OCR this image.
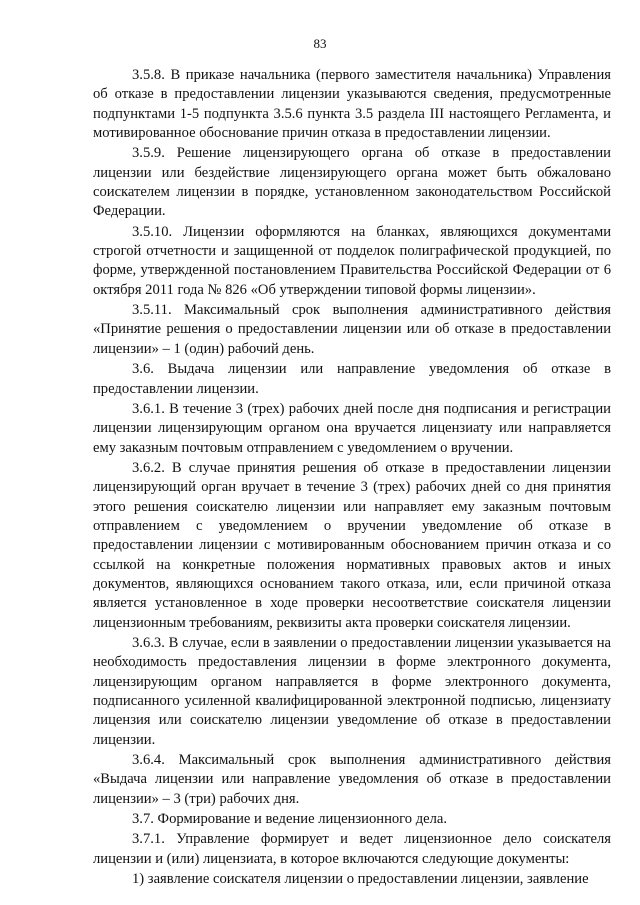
83

3.5.8. В приказе начальника (первого заместителя начальника) Управления об отказе в предоставлении лицензии указываются сведения, предусмотренные подпунктами 1-5 подпункта 3.5.6 пункта 3.5 раздела III настоящего Регламента, и мотивированное обоснование причин отказа в предоставлении лицензии.

3.5.9. Решение лицензирующего органа об отказе в предоставлении лицензии или бездействие лицензирующего органа может быть обжаловано соискателем лицензии в порядке, установленном законодательством Российской Федерации.

3.5.10. Лицензии оформляются на бланках, являющихся документами строгой отчетности и защищенной от подделок полиграфической продукцией, по форме, утвержденной постановлением Правительства Российской Федерации от 6 октября 2011 года № 826 «Об утверждении типовой формы лицензии».

3.5.11. Максимальный срок выполнения административного действия «Принятие решения о предоставлении лицензии или об отказе в предоставлении лицензии» – 1 (один) рабочий день.

3.6. Выдача лицензии или направление уведомления об отказе в предоставлении лицензии.

3.6.1. В течение 3 (трех) рабочих дней после дня подписания и регистрации лицензии лицензирующим органом она вручается лицензиату или направляется ему заказным почтовым отправлением с уведомлением о вручении.

3.6.2. В случае принятия решения об отказе в предоставлении лицензии лицензирующий орган вручает в течение 3 (трех) рабочих дней со дня принятия этого решения соискателю лицензии или направляет ему заказным почтовым отправлением с уведомлением о вручении уведомление об отказе в предоставлении лицензии с мотивированным обоснованием причин отказа и со ссылкой на конкретные положения нормативных правовых актов и иных документов, являющихся основанием такого отказа, или, если причиной отказа является установленное в ходе проверки несоответствие соискателя лицензии лицензионным требованиям, реквизиты акта проверки соискателя лицензии.

3.6.3. В случае, если в заявлении о предоставлении лицензии указывается на необходимость предоставления лицензии в форме электронного документа, лицензирующим органом направляется в форме электронного документа, подписанного усиленной квалифицированной электронной подписью, лицензиату лицензия или соискателю лицензии уведомление об отказе в предоставлении лицензии.

3.6.4. Максимальный срок выполнения административного действия «Выдача лицензии или направление уведомления об отказе в предоставлении лицензии» – 3 (три) рабочих дня.

3.7. Формирование и ведение лицензионного дела.

3.7.1. Управление формирует и ведет лицензионное дело соискателя лицензии и (или) лицензиата, в которое включаются следующие документы:

1) заявление соискателя лицензии о предоставлении лицензии, заявление
